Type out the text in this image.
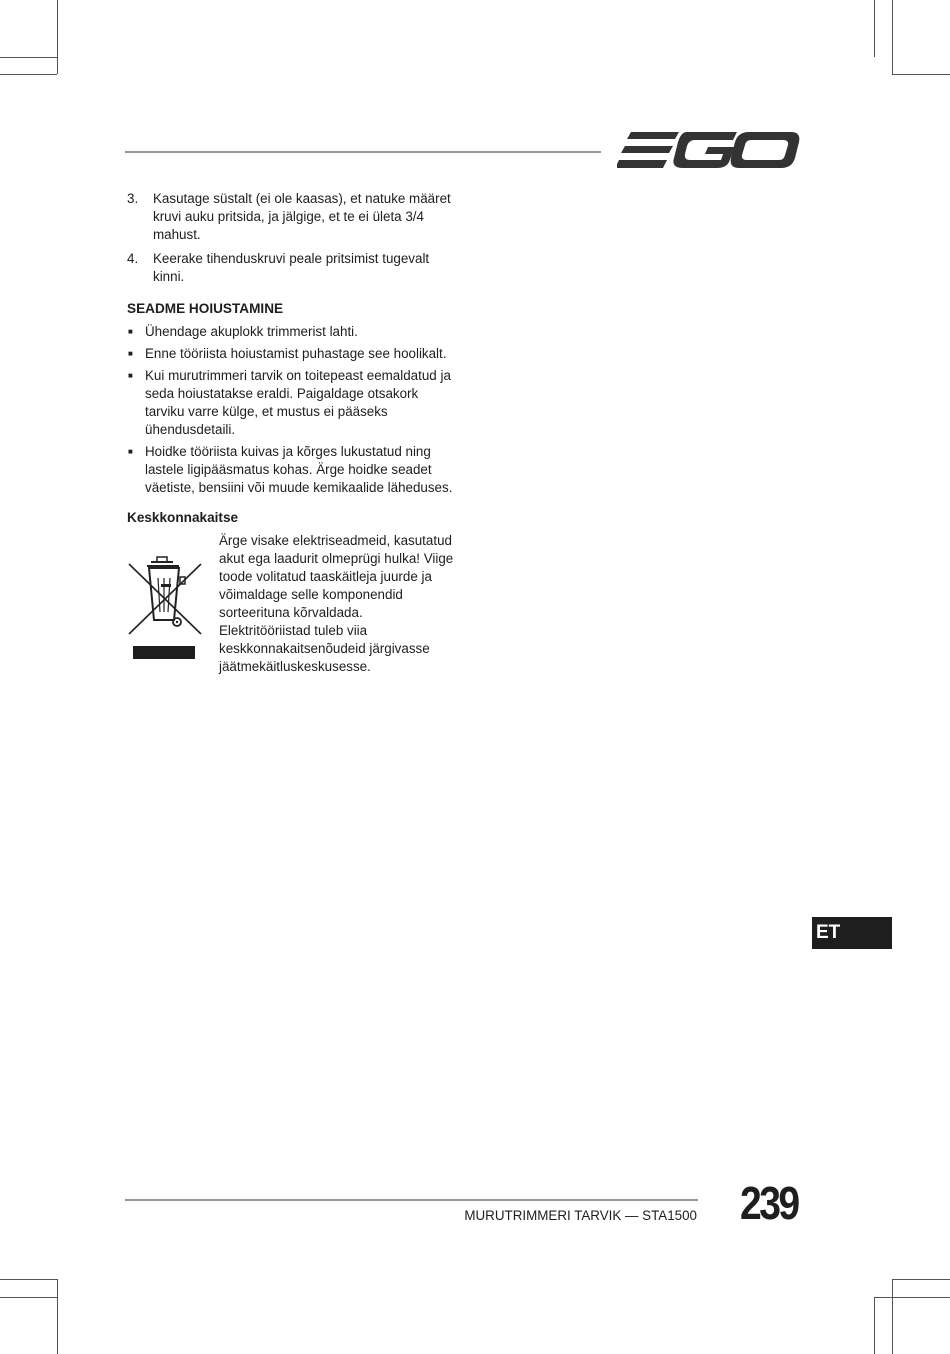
3.	Kasutage süstalt (ei ole kaasas), et natuke määret kruvi auku pritsida, ja jälgige, et te ei ületa 3/4 mahust.
4.	Keerake tihenduskruvi peale pritsimist tugevalt kinni.
SEADME HOIUSTAMINE
■ Ühendage akuplokk trimmerist lahti.
■ Enne tööriista hoiustamist puhastage see hoolikalt.
■ Kui murutrimmeri tarvik on toitepeast eemaldatud ja seda hoiustatakse eraldi. Paigaldage otsakork tarviku varre külge, et mustus ei pääseks ühendusdetaili.
■ Hoidke tööriista kuivas ja kõrges lukustatud ning lastele ligipääsmatus kohas. Ärge hoidke seadet väetiste, bensiini või muude kemikaalide läheduses.
Keskkonnakaitse
Ärge visake elektriseadmeid, kasutatud akut ega laadurit olmeprügi hulka! Viige toode volitatud taaskäitleja juurde ja võimaldage selle komponendid sorteerituna kõrvaldada. Elektritööriistad tuleb viia keskkonnakaitsenõudeid järgivasse jäätmekäitluskeskusesse.
ET
MURUTRIMMERI TARVIK — STA1500 239
